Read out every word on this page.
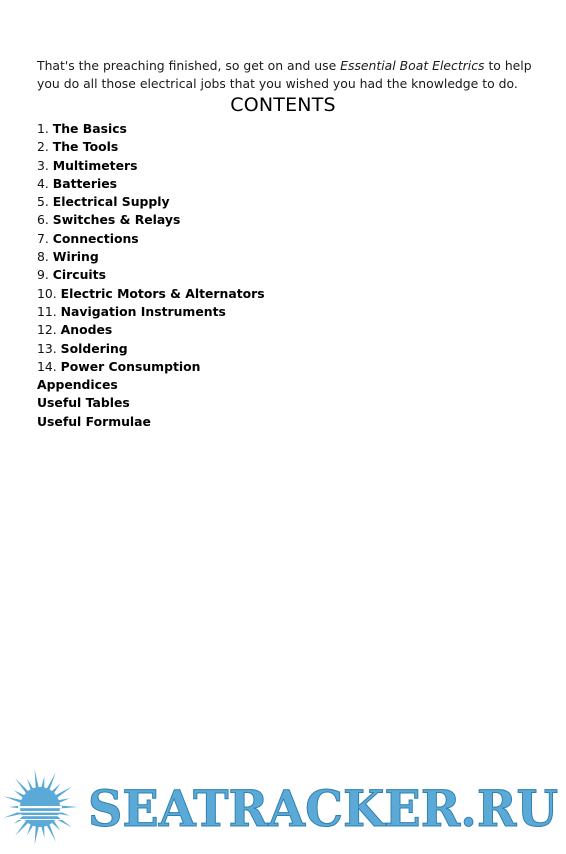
That's the preaching finished, so get on and use Essential Boat Electrics to help you do all those electrical jobs that you wished you had the knowledge to do.

CONTENTS
1. The Basics
2. The Tools
3. Multimeters
4. Batteries
5. Electrical Supply
6. Switches & Relays
7. Connections
8. Wiring
9. Circuits
10. Electric Motors & Alternators
11. Navigation Instruments
12. Anodes
13. Soldering
14. Power Consumption
Appendices
Useful Tables
Useful Formulae
SEATRACKER.RU
